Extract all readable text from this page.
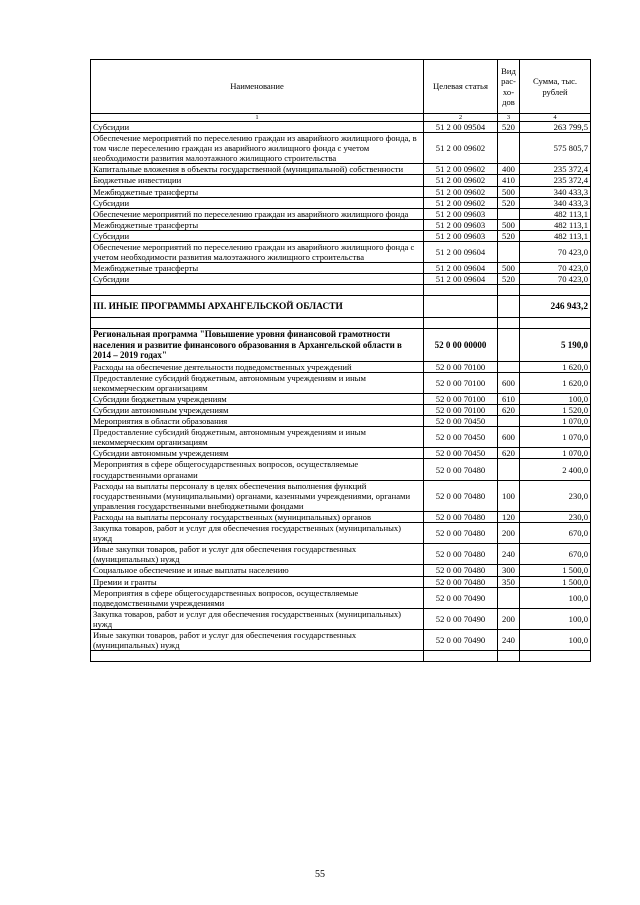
Наименование	Целевая статья	Вид рас-хо-дов	Сумма, тыс. рублей
1	2	3	4
Субсидии	51 2 00 09504	520	263 799,5
Обеспечение мероприятий по переселению граждан из аварийного жилищного фонда, в том числе переселению граждан из аварийного жилищного фонда с учетом необходимости развития малоэтажного жилищного строительства	51 2 00 09602		575 805,7
Капитальные вложения в объекты государственной (муниципальной) собственности	51 2 00 09602	400	235 372,4
Бюджетные инвестиции	51 2 00 09602	410	235 372,4
Межбюджетные трансферты	51 2 00 09602	500	340 433,3
Субсидии	51 2 00 09602	520	340 433,3
Обеспечение мероприятий по переселению граждан из аварийного жилищного фонда	51 2 00 09603		482 113,1
Межбюджетные трансферты	51 2 00 09603	500	482 113,1
Субсидии	51 2 00 09603	520	482 113,1
Обеспечение мероприятий по переселению граждан из аварийного жилищного фонда с учетом необходимости развития малоэтажного жилищного строительства	51 2 00 09604		70 423,0
Межбюджетные трансферты	51 2 00 09604	500	70 423,0
Субсидии	51 2 00 09604	520	70 423,0

III. ИНЫЕ ПРОГРАММЫ АРХАНГЕЛЬСКОЙ ОБЛАСТИ			246 943,2

Региональная программа "Повышение уровня финансовой грамотности населения и развитие финансового образования в Архангельской области в 2014 – 2019 годах"	52 0 00 00000		5 190,0
Расходы на обеспечение деятельности подведомственных учреждений	52 0 00 70100		1 620,0
Предоставление субсидий бюджетным, автономным учреждениям и иным некоммерческим организациям	52 0 00 70100	600	1 620,0
Субсидии бюджетным учреждениям	52 0 00 70100	610	100,0
Субсидии автономным учреждениям	52 0 00 70100	620	1 520,0
Мероприятия в области образования	52 0 00 70450		1 070,0
Предоставление субсидий бюджетным, автономным учреждениям и иным некоммерческим организациям	52 0 00 70450	600	1 070,0
Субсидии автономным учреждениям	52 0 00 70450	620	1 070,0
Мероприятия в сфере общегосударственных вопросов, осуществляемые государственными органами	52 0 00 70480		2 400,0
Расходы на выплаты персоналу в целях обеспечения выполнения функций государственными (муниципальными) органами, казенными учреждениями, органами управления государственными внебюджетными фондами	52 0 00 70480	100	230,0
Расходы на выплаты персоналу государственных (муниципальных) органов	52 0 00 70480	120	230,0
Закупка товаров, работ и услуг для обеспечения государственных (муниципальных) нужд	52 0 00 70480	200	670,0
Иные закупки товаров, работ и услуг для обеспечения государственных (муниципальных) нужд	52 0 00 70480	240	670,0
Социальное обеспечение и иные выплаты населению	52 0 00 70480	300	1 500,0
Премии и гранты	52 0 00 70480	350	1 500,0
Мероприятия в сфере общегосударственных вопросов, осуществляемые подведомственными учреждениями	52 0 00 70490		100,0
Закупка товаров, работ и услуг для обеспечения государственных (муниципальных) нужд	52 0 00 70490	200	100,0
Иные закупки товаров, работ и услуг для обеспечения государственных (муниципальных) нужд	52 0 00 70490	240	100,0

55
